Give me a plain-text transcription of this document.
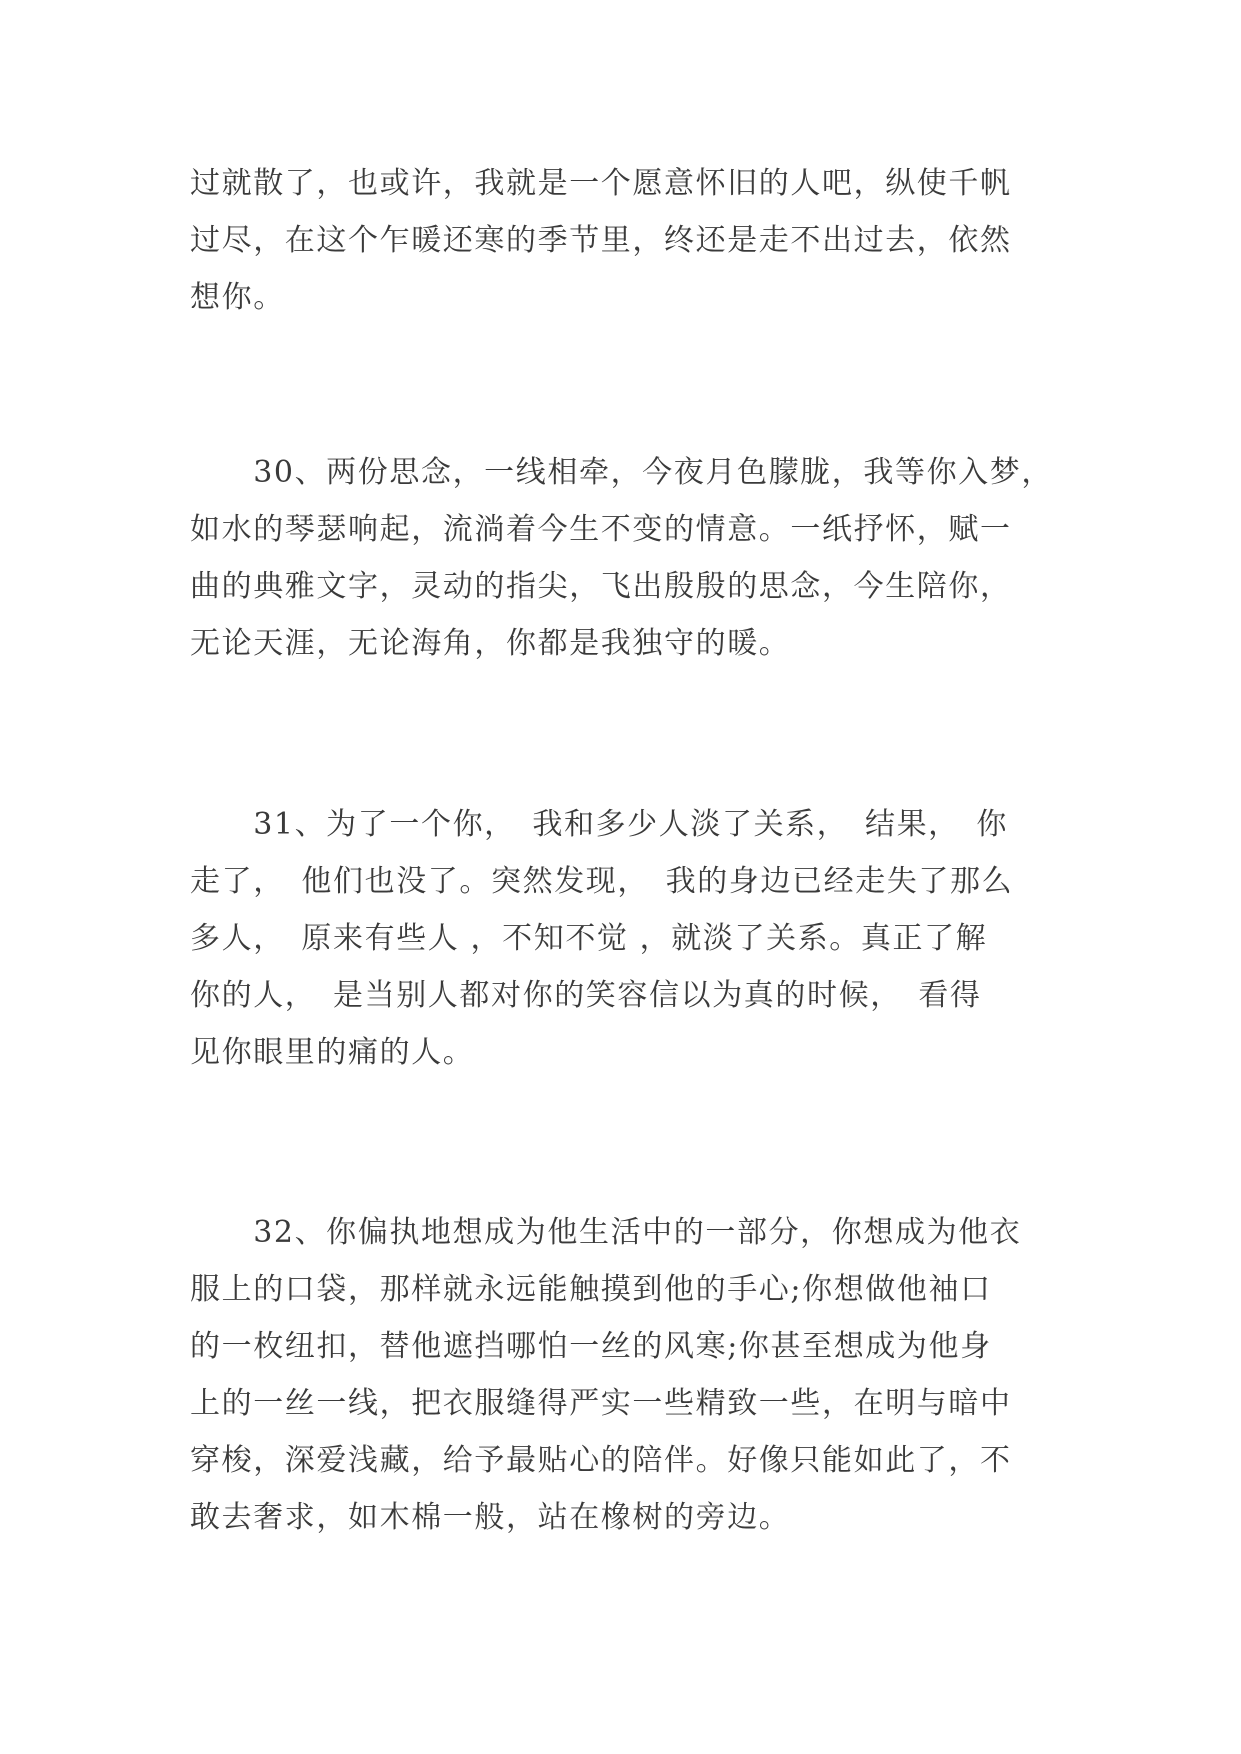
过就散了，也或许，我就是一个愿意怀旧的人吧，纵使千帆
过尽，在这个乍暖还寒的季节里，终还是走不出过去，依然
想你。
　　30、两份思念，一线相牵，今夜月色朦胧，我等你入梦，
如水的琴瑟响起，流淌着今生不变的情意。一纸抒怀，赋一
曲的典雅文字，灵动的指尖，飞出殷殷的思念，今生陪你，
无论天涯，无论海角，你都是我独守的暖。
　　31、为了一个你，　我和多少人淡了关系，　结果，　你
走了，　他们也没了。突然发现，　我的身边已经走失了那么
多人，　原来有些人 ，不知不觉 ，就淡了关系。真正了解
你的人，　是当别人都对你的笑容信以为真的时候，　看得
见你眼里的痛的人。
　　32、你偏执地想成为他生活中的一部分，你想成为他衣
服上的口袋，那样就永远能触摸到他的手心;你想做他袖口
的一枚纽扣，替他遮挡哪怕一丝的风寒;你甚至想成为他身
上的一丝一线，把衣服缝得严实一些精致一些，在明与暗中
穿梭，深爱浅藏，给予最贴心的陪伴。好像只能如此了，不
敢去奢求，如木棉一般，站在橡树的旁边。
